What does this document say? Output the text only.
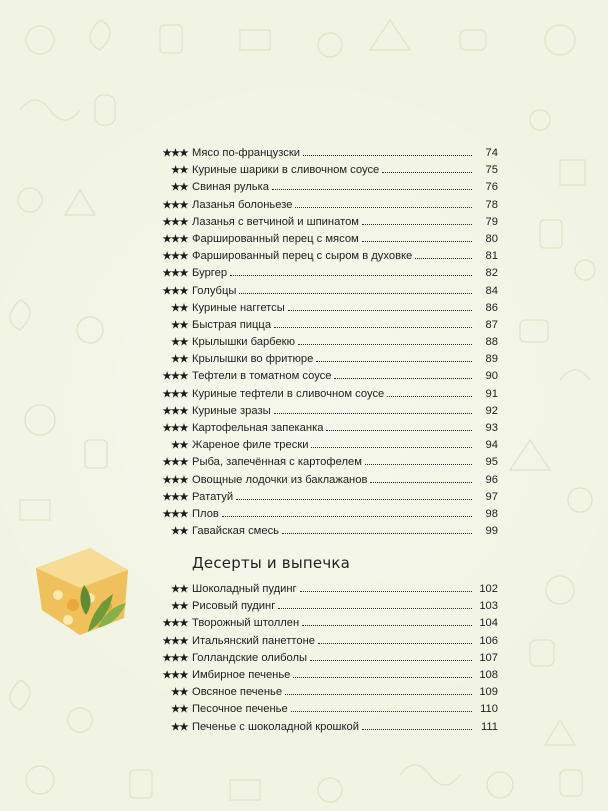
★★★ Мясо по-французски	74
★★ Куриные шарики в сливочном соусе	75
★★ Свиная рулька	76
★★★ Лазанья болоньезе	78
★★★ Лазанья с ветчиной и шпинатом	79
★★★ Фаршированный перец с мясом	80
★★★ Фаршированный перец с сыром в духовке	81
★★★ Бургер	82
★★★ Голубцы	84
★★ Куриные наггетсы	86
★★ Быстрая пицца	87
★★ Крылышки барбекю	88
★★ Крылышки во фритюре	89
★★★ Тефтели в томатном соусе	90
★★★ Куриные тефтели в сливочном соусе	91
★★★ Куриные зразы	92
★★★ Картофельная запеканка	93
★★ Жареное филе трески	94
★★★ Рыба, запечённая с картофелем	95
★★★ Овощные лодочки из баклажанов	96
★★★ Рататуй	97
★★★ Плов	98
★★ Гавайская смесь	99
Десерты и выпечка
★★ Шоколадный пудинг	102
★★ Рисовый пудинг	103
★★★ Творожный штоллен	104
★★★ Итальянский панеттоне	106
★★★ Голландские олиболы	107
★★★ Имбирное печенье	108
★★ Овсяное печенье	109
★★ Песочное печенье	110
★★ Печенье с шоколадной крошкой	111
